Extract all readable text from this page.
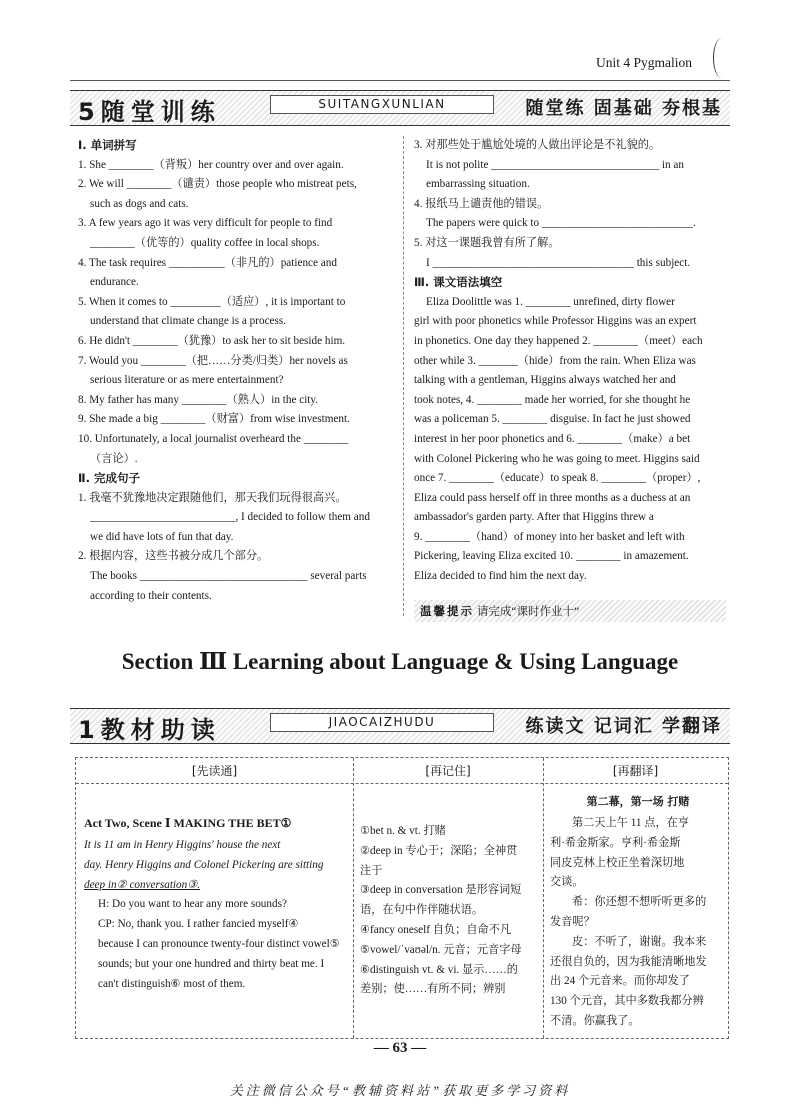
Unit 4 Pygmalion
5随堂训练	SUITANGXUNLIAN	随堂练 固基础 夯根基
Ⅰ. 单词拼写
1. She ________（背叛）her country over and over again.
2. We will ________（谴责）those people who mistreat pets,
such as dogs and cats.
3. A few years ago it was very difficult for people to find
________（优等的）quality coffee in local shops.
4. The task requires __________（非凡的）patience and
endurance.
5. When it comes to _________（适应）, it is important to
understand that climate change is a process.
6. He didn't ________（犹豫）to ask her to sit beside him.
7. Would you ________（把……分类/归类）her novels as
serious literature or as mere entertainment?
8. My father has many ________（熟人）in the city.
9. She made a big ________（财富）from wise investment.
10. Unfortunately, a local journalist overheard the ________
（言论）.
Ⅱ. 完成句子
1. 我毫不犹豫地决定跟随他们，那天我们玩得很高兴。
__________________________, I decided to follow them and
we did have lots of fun that day.
2. 根据内容，这些书被分成几个部分。
The books ______________________________ several parts
according to their contents.
3. 对那些处于尴尬处境的人做出评论是不礼貌的。
It is not polite ______________________________ in an
embarrassing situation.
4. 报纸马上谴责他的错误。
The papers were quick to ___________________________.
5. 对这一课题我曾有所了解。
I ____________________________________ this subject.
Ⅲ. 课文语法填空
Eliza Doolittle was 1. ________ unrefined, dirty flower
girl with poor phonetics while Professor Higgins was an expert
in phonetics. One day they happened 2. ________（meet）each
other while 3. _______（hide）from the rain. When Eliza was
talking with a gentleman, Higgins always watched her and
took notes, 4. ________ made her worried, for she thought he
was a policeman 5. ________ disguise. In fact he just showed
interest in her poor phonetics and 6. ________（make）a bet
with Colonel Pickering who he was going to meet. Higgins said
once 7. ________（educate）to speak 8. ________（proper）,
Eliza could pass herself off in three months as a duchess at an
ambassador's garden party. After that Higgins threw a
9. ________（hand）of money into her basket and left with
Pickering, leaving Eliza excited 10. ________ in amazement.
Eliza decided to find him the next day.
温馨提示 请完成“课时作业十”
Section Ⅲ Learning about Language & Using Language
1教材助读	JIAOCAIZHUDU	练读文 记词汇 学翻译
[先读通]	[再记住]	[再翻译]
Act Two, Scene Ⅰ MAKING THE BET①
It is 11 am in Henry Higgins' house the next
day. Henry Higgins and Colonel Pickering are sitting
deep in② conversation③.
H: Do you want to hear any more sounds?
CP: No, thank you. I rather fancied myself④
because I can pronounce twenty-four distinct vowel⑤
sounds; but your one hundred and thirty beat me. I
can't distinguish⑥ most of them.
①bet n. & vt. 打赌
②deep in 专心于；深陷；全神贯
注于
③deep in conversation 是形容词短
语，在句中作伴随状语。
④fancy oneself 自负；自命不凡
⑤vowel/ˈvaʊəl/n. 元音；元音字母
⑥distinguish vt. & vi. 显示……的
差别；使……有所不同；辨别
第二幕，第一场 打赌
第二天上午 11 点，在亨
利·希金斯家。亨利·希金斯
同皮克林上校正坐着深切地
交谈。
希：你还想不想听听更多的
发音呢？
皮：不听了，谢谢。我本来
还很自负的，因为我能清晰地发
出 24 个元音来。而你却发了
130 个元音，其中多数我都分辨
不清。你赢我了。
— 63 —
关注微信公众号“教辅资料站”获取更多学习资料
